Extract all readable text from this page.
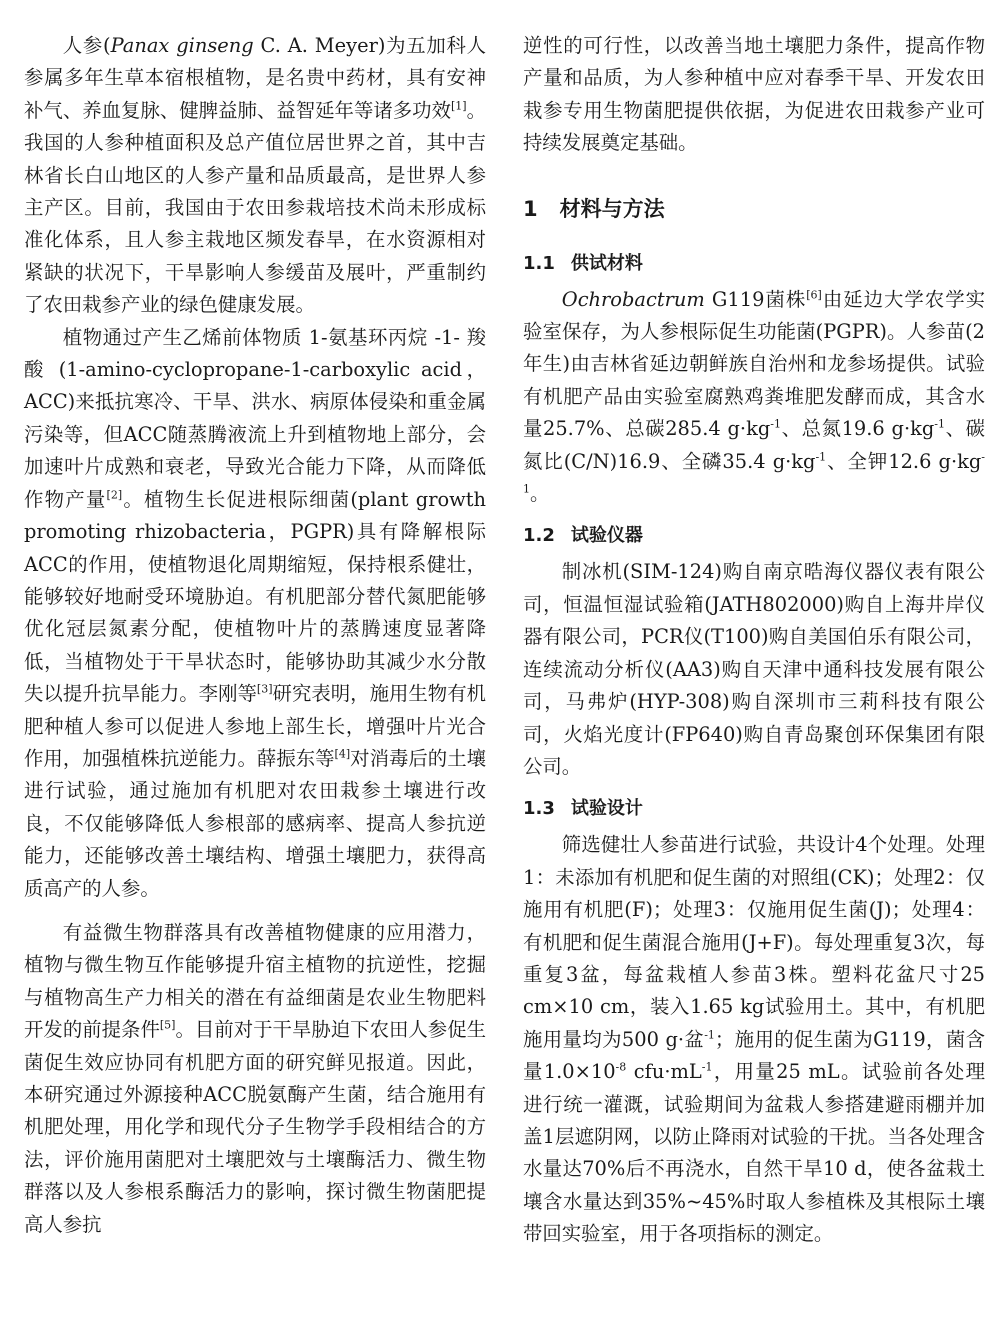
人参(Panax ginseng C. A. Meyer)为五加科人参属多年生草本宿根植物，是名贵中药材，具有安神补气、养血复脉、健脾益肺、益智延年等诸多功效[1]。我国的人参种植面积及总产值位居世界之首，其中吉林省长白山地区的人参产量和品质最高，是世界人参主产区。目前，我国由于农田参栽培技术尚未形成标准化体系，且人参主栽地区频发春旱，在水资源相对紧缺的状况下，干旱影响人参缓苗及展叶，严重制约了农田栽参产业的绿色健康发展。

植物通过产生乙烯前体物质 1-氨基环丙烷 -1- 羧酸 (1-amino-cyclopropane-1-carboxylic acid，ACC)来抵抗寒冷、干旱、洪水、病原体侵染和重金属污染等，但ACC随蒸腾液流上升到植物地上部分，会加速叶片成熟和衰老，导致光合能力下降，从而降低作物产量[2]。植物生长促进根际细菌(plant growth promoting rhizobacteria，PGPR)具有降解根际ACC的作用，使植物退化周期缩短，保持根系健壮，能够较好地耐受环境胁迫。有机肥部分替代氮肥能够优化冠层氮素分配，使植物叶片的蒸腾速度显著降低，当植物处于干旱状态时，能够协助其减少水分散失以提升抗旱能力。李刚等[3]研究表明，施用生物有机肥种植人参可以促进人参地上部生长，增强叶片光合作用，加强植株抗逆能力。薛振东等[4]对消毒后的土壤进行试验，通过施加有机肥对农田栽参土壤进行改良，不仅能够降低人参根部的感病率、提高人参抗逆能力，还能够改善土壤结构、增强土壤肥力，获得高质高产的人参。

有益微生物群落具有改善植物健康的应用潜力，植物与微生物互作能够提升宿主植物的抗逆性，挖掘与植物高生产力相关的潜在有益细菌是农业生物肥料开发的前提条件[5]。目前对于干旱胁迫下农田人参促生菌促生效应协同有机肥方面的研究鲜见报道。因此，本研究通过外源接种ACC脱氨酶产生菌，结合施用有机肥处理，用化学和现代分子生物学手段相结合的方法，评价施用菌肥对土壤肥效与土壤酶活力、微生物群落以及人参根系酶活力的影响，探讨微生物菌肥提高人参抗

逆性的可行性，以改善当地土壤肥力条件，提高作物产量和品质，为人参种植中应对春季干旱、开发农田栽参专用生物菌肥提供依据，为促进农田栽参产业可持续发展奠定基础。

1 材料与方法
1.1 供试材料

Ochrobactrum G119菌株[6]由延边大学农学实验室保存，为人参根际促生功能菌(PGPR)。人参苗(2年生)由吉林省延边朝鲜族自治州和龙参场提供。试验有机肥产品由实验室腐熟鸡粪堆肥发酵而成，其含水量25.7%、总碳285.4 $g\cdot kg^{-1}$、总氮19.6 $g\cdot kg^{-1}$、碳氮比(C/N)16.9、全磷35.4 $g\cdot kg^{-1}$、全钾12.6 $g\cdot kg^{-1}$。

1.2 试验仪器

制冰机(SIM-124)购自南京晧海仪器仪表有限公司，恒温恒湿试验箱(JATH802000)购自上海井岸仪器有限公司，PCR仪(T100)购自美国伯乐有限公司，连续流动分析仪(AA3)购自天津中通科技发展有限公司，马弗炉(HYP-308)购自深圳市三莉科技有限公司，火焰光度计(FP640)购自青岛聚创环保集团有限公司。

1.3 试验设计

筛选健壮人参苗进行试验，共设计4个处理。处理1：未添加有机肥和促生菌的对照组(CK)；处理2：仅施用有机肥(F)；处理3：仅施用促生菌(J)；处理4：有机肥和促生菌混合施用(J+F)。每处理重复3次，每重复3盆，每盆栽植人参苗3株。塑料花盆尺寸25 cm×10 cm，装入1.65 kg试验用土。其中，有机肥施用量均为500 g·盆$^{-1}$；施用的促生菌为G119，菌含量$1.0\times 10^{-8}$ $cfu\cdot mL^{-1}$，用量25 mL。试验前各处理进行统一灌溉，试验期间为盆栽人参搭建避雨棚并加盖1层遮阴网，以防止降雨对试验的干扰。当各处理含水量达70%后不再浇水，自然干旱10 d，使各盆栽土壤含水量达到35%~45%时取人参植株及其根际土壤带回实验室，用于各项指标的测定。
